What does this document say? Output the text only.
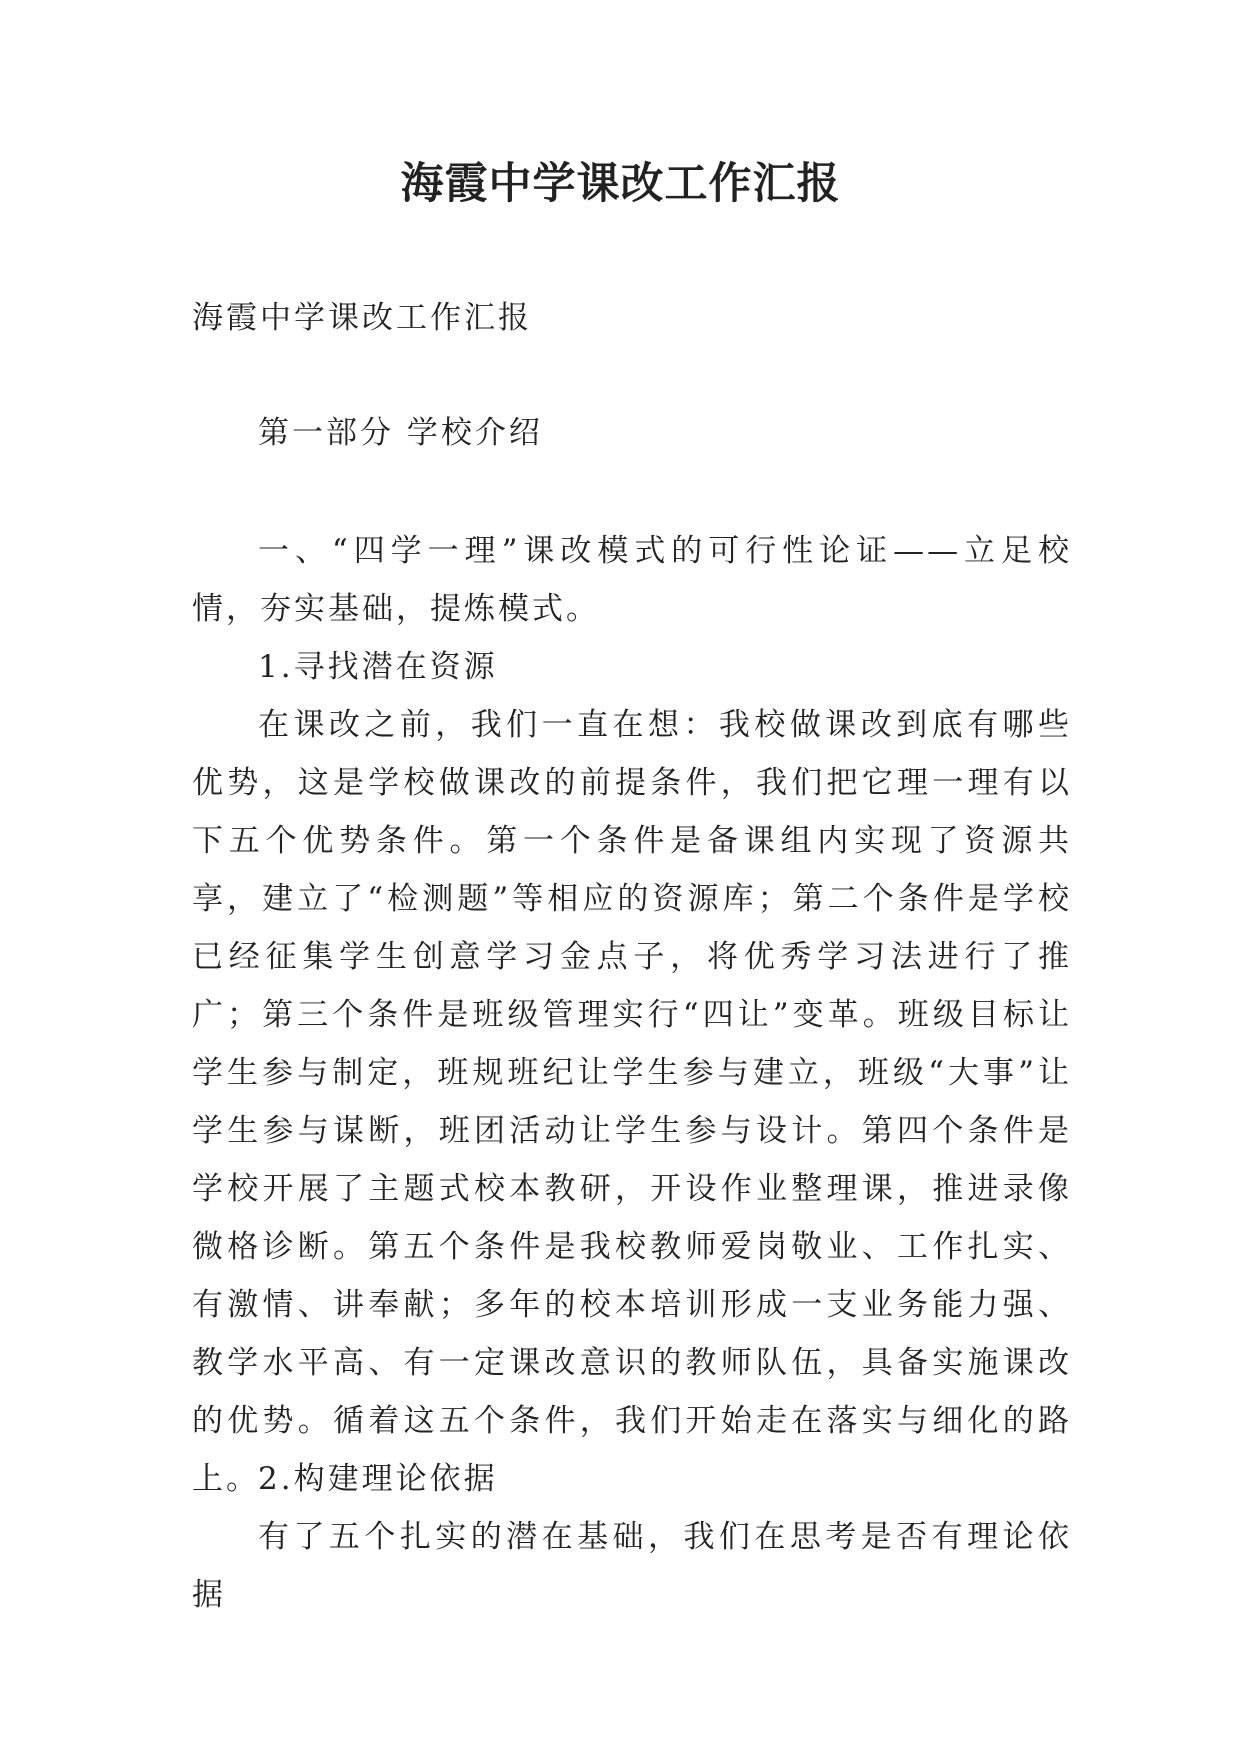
海霞中学课改工作汇报

海霞中学课改工作汇报

第一部分 学校介绍

一、“四学一理”课改模式的可行性论证——立足校情，夯实基础，提炼模式。

1.寻找潜在资源

在课改之前，我们一直在想：我校做课改到底有哪些优势，这是学校做课改的前提条件，我们把它理一理有以下五个优势条件。第一个条件是备课组内实现了资源共享，建立了“检测题”等相应的资源库；第二个条件是学校已经征集学生创意学习金点子，将优秀学习法进行了推广；第三个条件是班级管理实行“四让”变革。班级目标让学生参与制定，班规班纪让学生参与建立，班级“大事”让学生参与谋断，班团活动让学生参与设计。第四个条件是学校开展了主题式校本教研，开设作业整理课，推进录像微格诊断。第五个条件是我校教师爱岗敬业、工作扎实、有激情、讲奉献；多年的校本培训形成一支业务能力强、教学水平高、有一定课改意识的教师队伍，具备实施课改的优势。循着这五个条件，我们开始走在落实与细化的路上。

2.构建理论依据

有了五个扎实的潜在基础，我们在思考是否有理论依据
